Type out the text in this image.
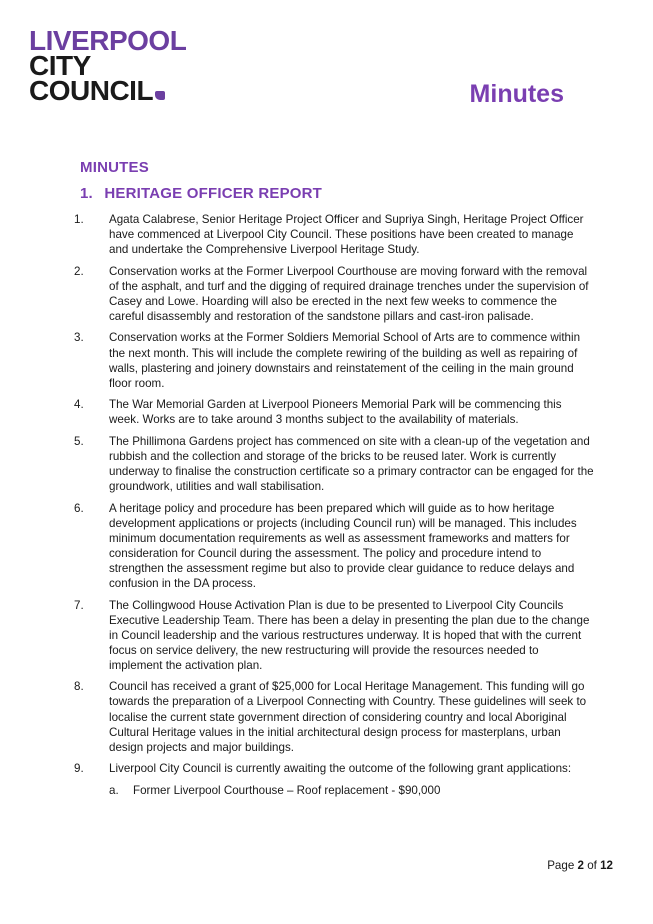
LIVERPOOL
CITY
COUNCIL	Minutes
MINUTES
1. HERITAGE OFFICER REPORT
1.	Agata Calabrese, Senior Heritage Project Officer and Supriya Singh, Heritage Project Officer have commenced at Liverpool City Council. These positions have been created to manage and undertake the Comprehensive Liverpool Heritage Study.
2.	Conservation works at the Former Liverpool Courthouse are moving forward with the removal of the asphalt, and turf and the digging of required drainage trenches under the supervision of Casey and Lowe. Hoarding will also be erected in the next few weeks to commence the careful disassembly and restoration of the sandstone pillars and cast-iron palisade.
3.	Conservation works at the Former Soldiers Memorial School of Arts are to commence within the next month. This will include the complete rewiring of the building as well as repairing of walls, plastering and joinery downstairs and reinstatement of the ceiling in the main ground floor room.
4.	The War Memorial Garden at Liverpool Pioneers Memorial Park will be commencing this week. Works are to take around 3 months subject to the availability of materials.
5.	The Phillimona Gardens project has commenced on site with a clean-up of the vegetation and rubbish and the collection and storage of the bricks to be reused later. Work is currently underway to finalise the construction certificate so a primary contractor can be engaged for the groundwork, utilities and wall stabilisation.
6.	A heritage policy and procedure has been prepared which will guide as to how heritage development applications or projects (including Council run) will be managed. This includes minimum documentation requirements as well as assessment frameworks and matters for consideration for Council during the assessment. The policy and procedure intend to strengthen the assessment regime but also to provide clear guidance to reduce delays and confusion in the DA process.
7.	The Collingwood House Activation Plan is due to be presented to Liverpool City Councils Executive Leadership Team. There has been a delay in presenting the plan due to the change in Council leadership and the various restructures underway. It is hoped that with the current focus on service delivery, the new restructuring will provide the resources needed to implement the activation plan.
8.	Council has received a grant of $25,000 for Local Heritage Management. This funding will go towards the preparation of a Liverpool Connecting with Country. These guidelines will seek to localise the current state government direction of considering country and local Aboriginal Cultural Heritage values in the initial architectural design process for masterplans, urban design projects and major buildings.
9.	Liverpool City Council is currently awaiting the outcome of the following grant applications:
a.	Former Liverpool Courthouse – Roof replacement - $90,000
Page 2 of 12
